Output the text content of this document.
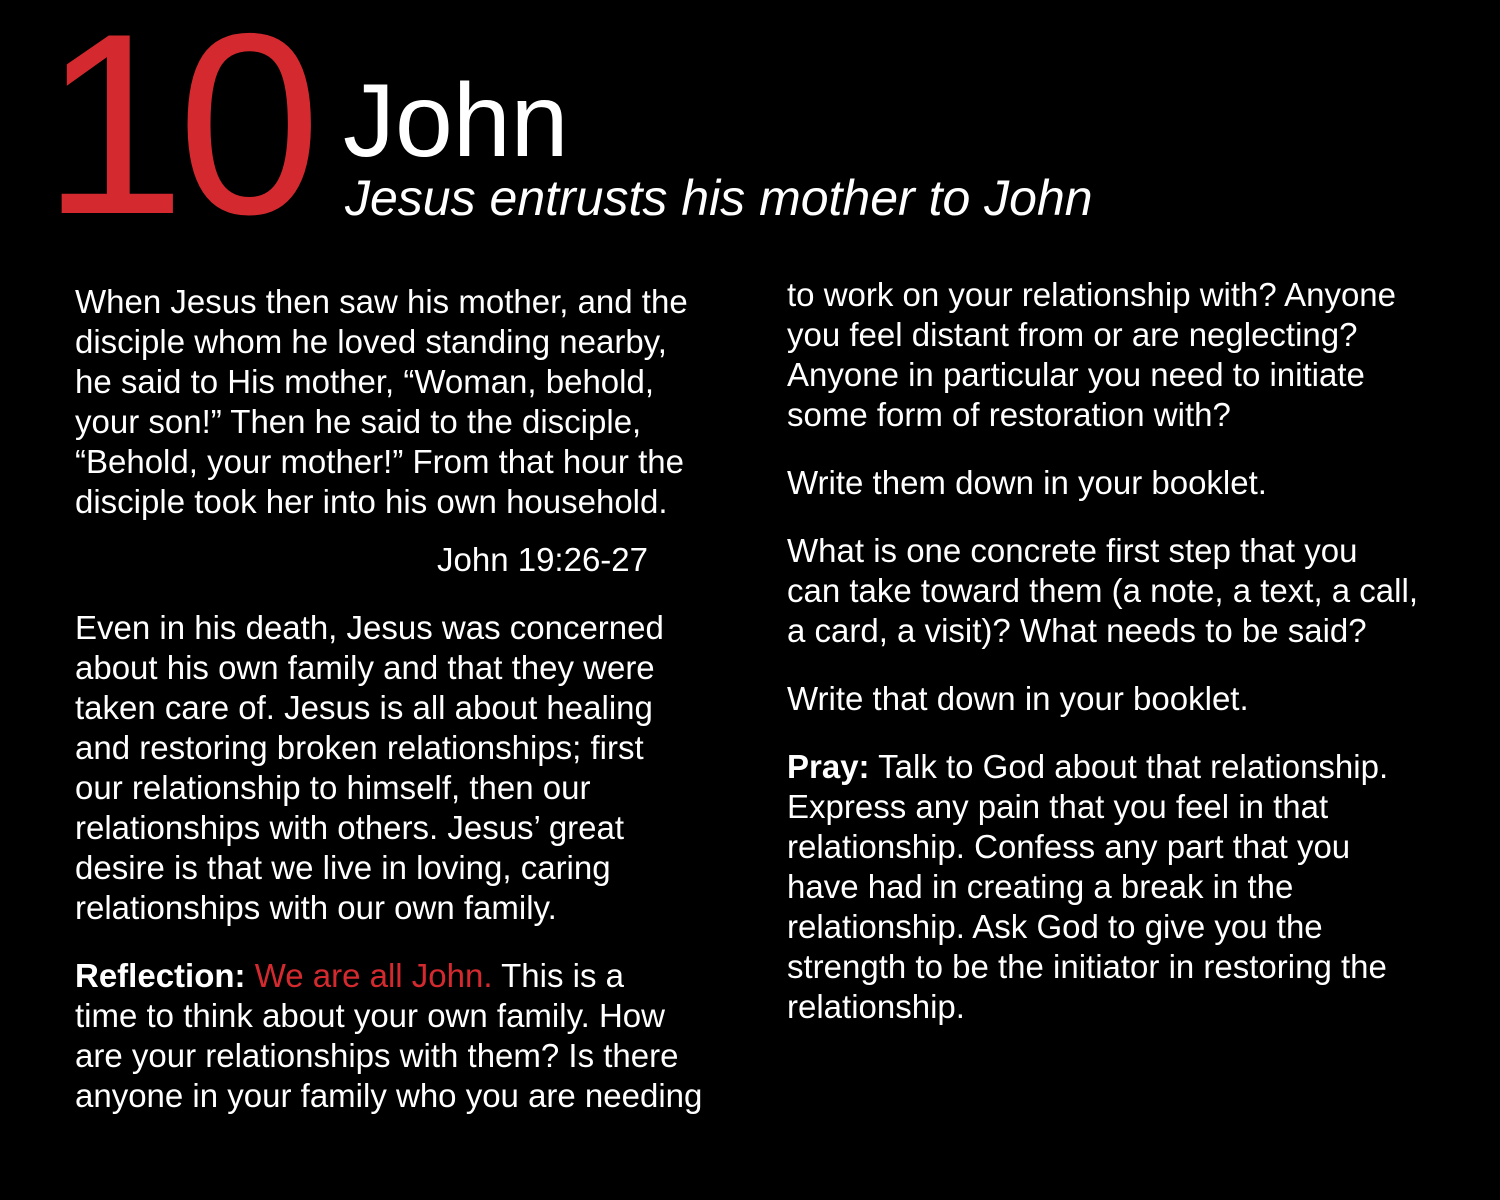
10 John
Jesus entrusts his mother to John
When Jesus then saw his mother, and the
disciple whom he loved standing nearby,
he said to His mother, “Woman, behold,
your son!” Then he said to the disciple,
“Behold, your mother!” From that hour the
disciple took her into his own household.
John 19:26-27
Even in his death, Jesus was concerned
about his own family and that they were
taken care of. Jesus is all about healing
and restoring broken relationships; first
our relationship to himself, then our
relationships with others. Jesus’ great
desire is that we live in loving, caring
relationships with our own family.
Reflection: We are all John. This is a
time to think about your own family. How
are your relationships with them? Is there
anyone in your family who you are needing
to work on your relationship with? Anyone
you feel distant from or are neglecting?
Anyone in particular you need to initiate
some form of restoration with?
Write them down in your booklet.
What is one concrete first step that you
can take toward them (a note, a text, a call,
a card, a visit)? What needs to be said?
Write that down in your booklet.
Pray: Talk to God about that relationship.
Express any pain that you feel in that
relationship. Confess any part that you
have had in creating a break in the
relationship. Ask God to give you the
strength to be the initiator in restoring the
relationship.
